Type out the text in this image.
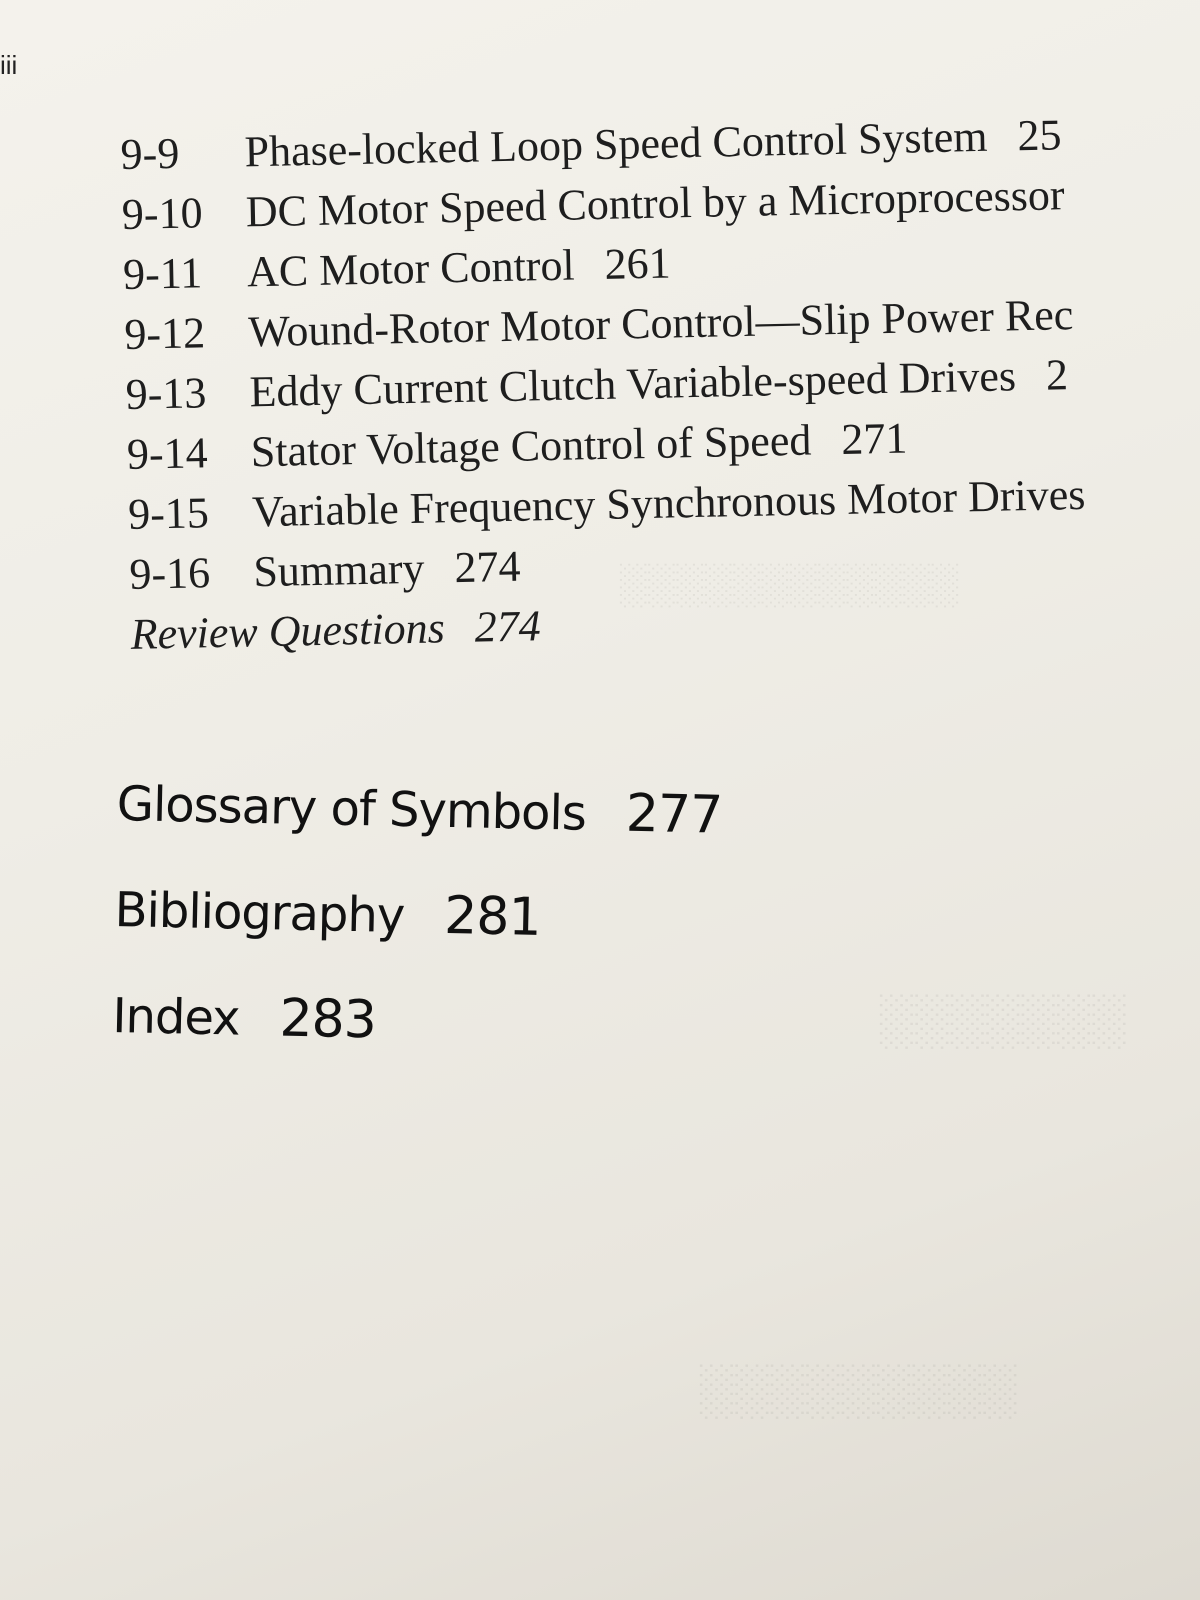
iii
░░░░░░░░░░░░
░░░░░░░
░░░░░░░░░
9-9 Phase-locked Loop Speed Control System 25
9-10 DC Motor Speed Control by a Microprocessor
9-11 AC Motor Control 261
9-12 Wound-Rotor Motor Control—Slip Power Rec
9-13 Eddy Current Clutch Variable-speed Drives 2
9-14 Stator Voltage Control of Speed 271
9-15 Variable Frequency Synchronous Motor Drives
9-16 Summary 274
Review Questions 274
Glossary of Symbols 277
Bibliography 281
Index 283
